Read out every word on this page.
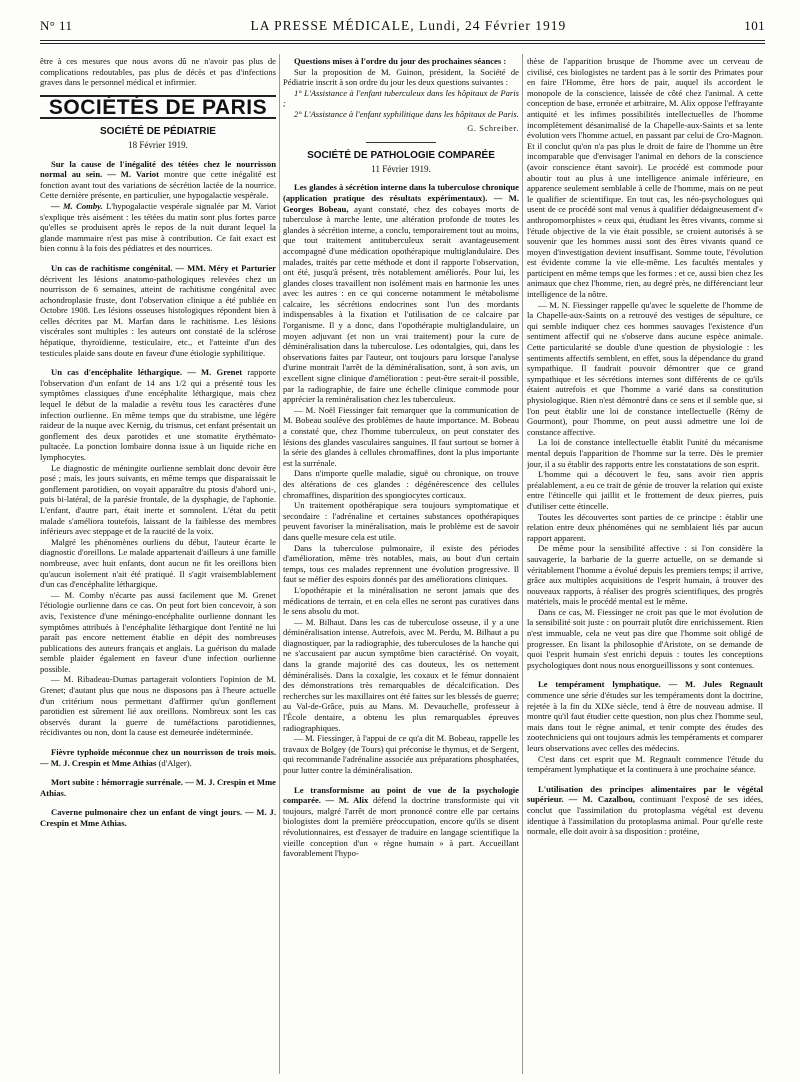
N° 11	LA PRESSE MÉDICALE, Lundi, 24 Février 1919	101

être à ces mesures que nous avons dû ne n'avoir pas plus de complications redoutables, pas plus de décès et pas d'infections graves dans le personnel médical et infirmier.

SOCIÉTÉS DE PARIS
SOCIÉTÉ DE PÉDIATRIE
18 Février 1919.

Sur la cause de l'inégalité des tétées chez le nourrisson normal au sein. — M. Variot montre que cette inégalité est fonction avant tout des variations de sécrétion lactée de la nourrice. Cette dernière présente, en particulier, une hypogalactie vespérale.

— M. Comby. L'hypogalactie vespérale signalée par M. Variot s'explique très aisément : les tétées du matin sont plus fortes parce qu'elles se produisent après le repos de la nuit durant lequel la glande mammaire n'est pas mise à contribution. Ce fait exact est bien connu à la fois des pédiatres et des nourrices.

Un cas de rachitisme congénital. — MM. Méry et Parturier décrivent les lésions anatomo-pathologiques relevées chez un nourrisson de 6 semaines, atteint de rachitisme congénital avec achondroplasie fruste, dont l'observation clinique a été publiée en Octobre 1908. Les lésions osseuses histologiques répondent bien à celles décrites par M. Marfan dans le rachitisme. Les lésions viscérales sont multiples : les auteurs ont constaté de la sclérose hépatique, thyroïdienne, testiculaire, etc., et l'atteinte d'un des testicules plaide sans doute en faveur d'une étiologie syphilitique.

Un cas d'encéphalite léthargique. — M. Grenet rapporte l'observation d'un enfant de 14 ans 1/2 qui a présenté tous les symptômes classiques d'une encéphalite léthargique, mais chez lequel le début de la maladie a revêtu tous les caractères d'une infection ourlienne. En même temps que du strabisme, une légère raideur de la nuque avec Kernig, du trismus, cet enfant présentait un gonflement des deux parotides et une stomatite érythémato-pultacée. La ponction lombaire donna issue à un liquide riche en lymphocytes.

Le diagnostic de méningite ourlienne semblait donc devoir être posé ; mais, les jours suivants, en même temps que disparaissait le gonflement parotidien, on voyait apparaître du ptosis d'abord uni-, puis bi-latéral, de la parésie frontale, de la dysphagie, de l'aphonie. L'enfant, d'autre part, était inerte et somnolent. L'état du petit malade s'améliora toutefois, laissant de la faiblesse des membres inférieurs avec steppage et de la raucité de la voix.

Malgré les phénomènes ourliens du début, l'auteur écarte le diagnostic d'oreillons. Le malade appartenait d'ailleurs à une famille nombreuse, avec huit enfants, dont aucun ne fit les oreillons bien qu'aucun isolement n'ait été pratiqué. Il s'agit vraisemblablement d'un cas d'encéphalite léthargique.

— M. Comby n'écarte pas aussi facilement que M. Grenet l'étiologie ourlienne dans ce cas. On peut fort bien concevoir, à son avis, l'existence d'une méningo-encéphalite ourlienne donnant les symptômes attribués à l'encéphalite léthargique dont l'entité ne lui paraît pas encore nettement établie en dépit des nombreuses publications des auteurs français et anglais. La guérison du malade semble plaider également en faveur d'une infection ourlienne possible.

— M. Ribadeau-Dumas partagerait volontiers l'opinion de M. Grenet; d'autant plus que nous ne disposons pas à l'heure actuelle d'un critérium nous permettant d'affirmer qu'un gonflement parotidien est sûrement lié aux oreillons. Nombreux sont les cas observés durant la guerre de tuméfactions parotidiennes, récidivantes ou non, dont la cause est demeurée indéterminée.

Fièvre typhoïde méconnue chez un nourrisson de trois mois. — M. J. Crespin et Mme Athias (d'Alger).

Mort subite : hémorragie surrénale. — M. J. Crespin et Mme Athias.

Caverne pulmonaire chez un enfant de vingt jours. — M. J. Crespin et Mme Athias.

Questions mises à l'ordre du jour des prochaines séances :

Sur la proposition de M. Guinon, président, la Société de Pédiatrie inscrit à son ordre du jour les deux questions suivantes :

1° L'Assistance à l'enfant tuberculeux dans les hôpitaux de Paris ;

2° L'Assistance à l'enfant syphilitique dans les hôpitaux de Paris.

G. Schreiber.
SOCIÉTÉ DE PATHOLOGIE COMPARÉE
11 Février 1919.

Les glandes à sécrétion interne dans la tuberculose chronique (application pratique des résultats expérimentaux). — M. Georges Bobeau, ayant constaté, chez des cobayes morts de tuberculose à marche lente, une altération profonde de toutes les glandes à sécrétion interne, a conclu, temporairement tout au moins, que tout traitement antituberculeux serait avantageusement accompagné d'une médication opothérapique multiglandulaire. Des malades, traités par cette méthode et dont il rapporte l'observation, ont été, jusqu'à présent, très notablement améliorés. Pour lui, les glandes closes travaillent non isolément mais en harmonie les unes avec les autres : en ce qui concerne notamment le métabolisme calcaire, les sécrétions endocrines sont l'un des mordants indispensables à la fixation et l'utilisation de ce calcaire par l'organisme. Il y a donc, dans l'opothérapie multiglandulaire, un moyen adjuvant (et non un vrai traitement) pour la cure de déminéralisation dans la tuberculose. Les odontalgies, qui, dans les observations faites par l'auteur, ont toujours paru lorsque l'analyse d'urine montrait l'arrêt de la déminéralisation, sont, à son avis, un excellent signe clinique d'amélioration : peut-être serait-il possible, par la radiographie, de faire une échelle clinique commode pour apprécier la reminéralisation chez les tuberculeux.

— M. Noël Fiessinger fait remarquer que la communication de M. Bobeau soulève des problèmes de haute importance. M. Bobeau a constaté que, chez l'homme tuberculeux, on peut constater des lésions des glandes vasculaires sanguines. Il faut surtout se borner à la série des glandes à cellules chromaffines, dont la plus importante est la surrénale.

Dans n'importe quelle maladie, siguë ou chronique, on trouve des altérations de ces glandes : dégénérescence des cellules chromaffines, disparition des spongiocytes corticaux.

Un traitement opothérapique sera toujours symptomatique et secondaire : l'adrénaline et certaines substances opothérapiques peuvent favoriser la minéralisation, mais le problème est de savoir dans quelle mesure cela est utile.

Dans la tuberculose pulmonaire, il existe des périodes d'amélioration, même très notables, mais, au bout d'un certain temps, tous ces malades reprennent une évolution progressive. Il faut se méfier des espoirs donnés par des améliorations cliniques.

L'opothérapie et la minéralisation ne seront jamais que des médications de terrain, et en cela elles ne seront pas curatives dans le sens absolu du mot.

— M. Bilhaut. Dans les cas de tuberculose osseuse, il y a une déminéralisation intense. Autrefois, avec M. Perdu, M. Bilhaut a pu diagnostiquer, par la radiographie, des tuberculoses de la hanche qui ne s'accusaient par aucun symptôme bien caractérisé. On voyait, dans la grande majorité des cas douteux, les os nettement déminéralisés. Dans la coxalgie, les coxaux et le fémur donnaient des démonstrations très remarquables de décalcification. Des recherches sur les maxillaires ont été faites sur les blessés de guerre; au Val-de-Grâce, puis au Mans. M. Devauchelle, professeur à l'École dentaire, a obtenu les plus remarquables épreuves radiographiques.

— M. Fiessinger, à l'appui de ce qu'a dit M. Bobeau, rappelle les travaux de Bolgey (de Tours) qui préconise le thymus, et de Sergent, qui recommande l'adrénaline associée aux préparations phosphatées, pour lutter contre la déminéralisation.

Le transformisme au point de vue de la psychologie comparée. — M. Alix défend la doctrine transformiste qui vit toujours, malgré l'arrêt de mort prononcé contre elle par certains biologistes dont la première préoccupation, encore qu'ils se disent révolutionnaires, est d'essayer de traduire en langage scientifique la vieille conception d'un « règne humain » à part. Accueillant favorablement l'hypo-

thèse de l'apparition brusque de l'homme avec un cerveau de civilisé, ces biologistes ne tardent pas à le sortir des Primates pour en faire l'Homme, être hors de pair, auquel ils accordent le monopole de la conscience, laissée de côté chez l'animal. A cette conception de base, erronée et arbitraire, M. Alix oppose l'effrayante antiquité et les infimes possibilités intellectuelles de l'homme incomplètement désanimalisé de la Chapelle-aux-Saints et sa lente évolution vers l'homme actuel, en passant par celui de Cro-Magnon. Et il conclut qu'on n'a pas plus le droit de faire de l'homme un être incomparable que d'envisager l'animal en dehors de la conscience (avoir conscience étant savoir). Le procédé est commode pour aboutir tout au plus à une intelligence animale inférieure, en apparence seulement semblable à celle de l'homme, mais on ne peut le qualifier de scientifique. En tout cas, les néo-psychologues qui usent de ce procédé sont mal venus à qualifier dédaigneusement d'« anthropomorphistes » ceux qui, étudiant les êtres vivants, comme si l'étude objective de la vie était possible, se croient autorisés à se souvenir que les hommes aussi sont des êtres vivants quand ce moyen d'investigation devient insuffisant. Somme toute, l'évolution est évidente comme la vie elle-même. Les facultés mentales y participent en même temps que les formes : et ce, aussi bien chez les animaux que chez l'homme, rien, au degré près, ne différenciant leur intelligence de la nôtre.

— M. N. Fiessinger rappelle qu'avec le squelette de l'homme de la Chapelle-aux-Saints on a retrouvé des vestiges de sépulture, ce qui semble indiquer chez ces hommes sauvages l'existence d'un sentiment affectif qui ne s'observe dans aucune espèce animale. Cette particularité se double d'une question de physiologie : les sentiments affectifs semblent, en effet, sous la dépendance du grand sympathique. Il faudrait pouvoir démontrer que ce grand sympathique et les sécrétions internes sont différents de ce qu'ils étaient autrefois et que l'homme a varié dans sa constitution physiologique. Rien n'est démontré dans ce sens et il semble que, si l'on peut établir une loi de constance intellectuelle (Rémy de Gourmont), pour l'homme, on peut aussi admettre une loi de constance affective.

La loi de constance intellectuelle établit l'unité du mécanisme mental depuis l'apparition de l'homme sur la terre. Dès le premier jour, il a su établir des rapports entre les constatations de son esprit.

L'homme qui a découvert le feu, sans avoir rien appris préalablement, a eu ce trait de génie de trouver la relation qui existe entre l'étincelle qui jaillit et le frottement de deux pierres, puis d'utiliser cette étincelle.

Toutes les découvertes sont parties de ce principe : établir une relation entre deux phénomènes qui ne semblaient liés par aucun rapport apparent.

De même pour la sensibilité affective : si l'on considère la sauvagerie, la barbarie de la guerre actuelle, on se demande si véritablement l'homme a évolué depuis les premiers temps; il arrive, grâce aux multiples acquisitions de l'esprit humain, à trouver des nouveaux rapports, à réaliser des progrès scientifiques, des progrès matériels, mais le procédé mental est le même.

Dans ce cas, M. Fiessinger ne croit pas que le mot évolution de la sensibilité soit juste : on pourrait plutôt dire enrichissement. Rien n'est immuable, cela ne veut pas dire que l'homme soit obligé de progresser. En lisant la philosophie d'Aristote, on se demande de quoi l'esprit humain s'est enrichi depuis : toutes les conceptions psychologiques dont nous nous enorgueillissons y sont contenues.

Le tempérament lymphatique. — M. Jules Regnault commence une série d'études sur les tempéraments dont la doctrine, rejetée à la fin du XIXe siècle, tend à être de nouveau admise. Il montre qu'il faut étudier cette question, non plus chez l'homme seul, mais dans tout le règne animal, et tenir compte des études des zootechniciens qui ont toujours admis les tempéraments et comparer leurs observations avec celles des médecins.

C'est dans cet esprit que M. Regnault commence l'étude du tempérament lymphatique et la continuera à une prochaine séance.

L'utilisation des principes alimentaires par le végétal supérieur. — M. Cazalbou, continuant l'exposé de ses idées, conclut que l'assimilation du protoplasma végétal est devenu identique à l'assimilation du protoplasma animal. Pour qu'elle reste normale, elle doit avoir à sa disposition : protéine,
